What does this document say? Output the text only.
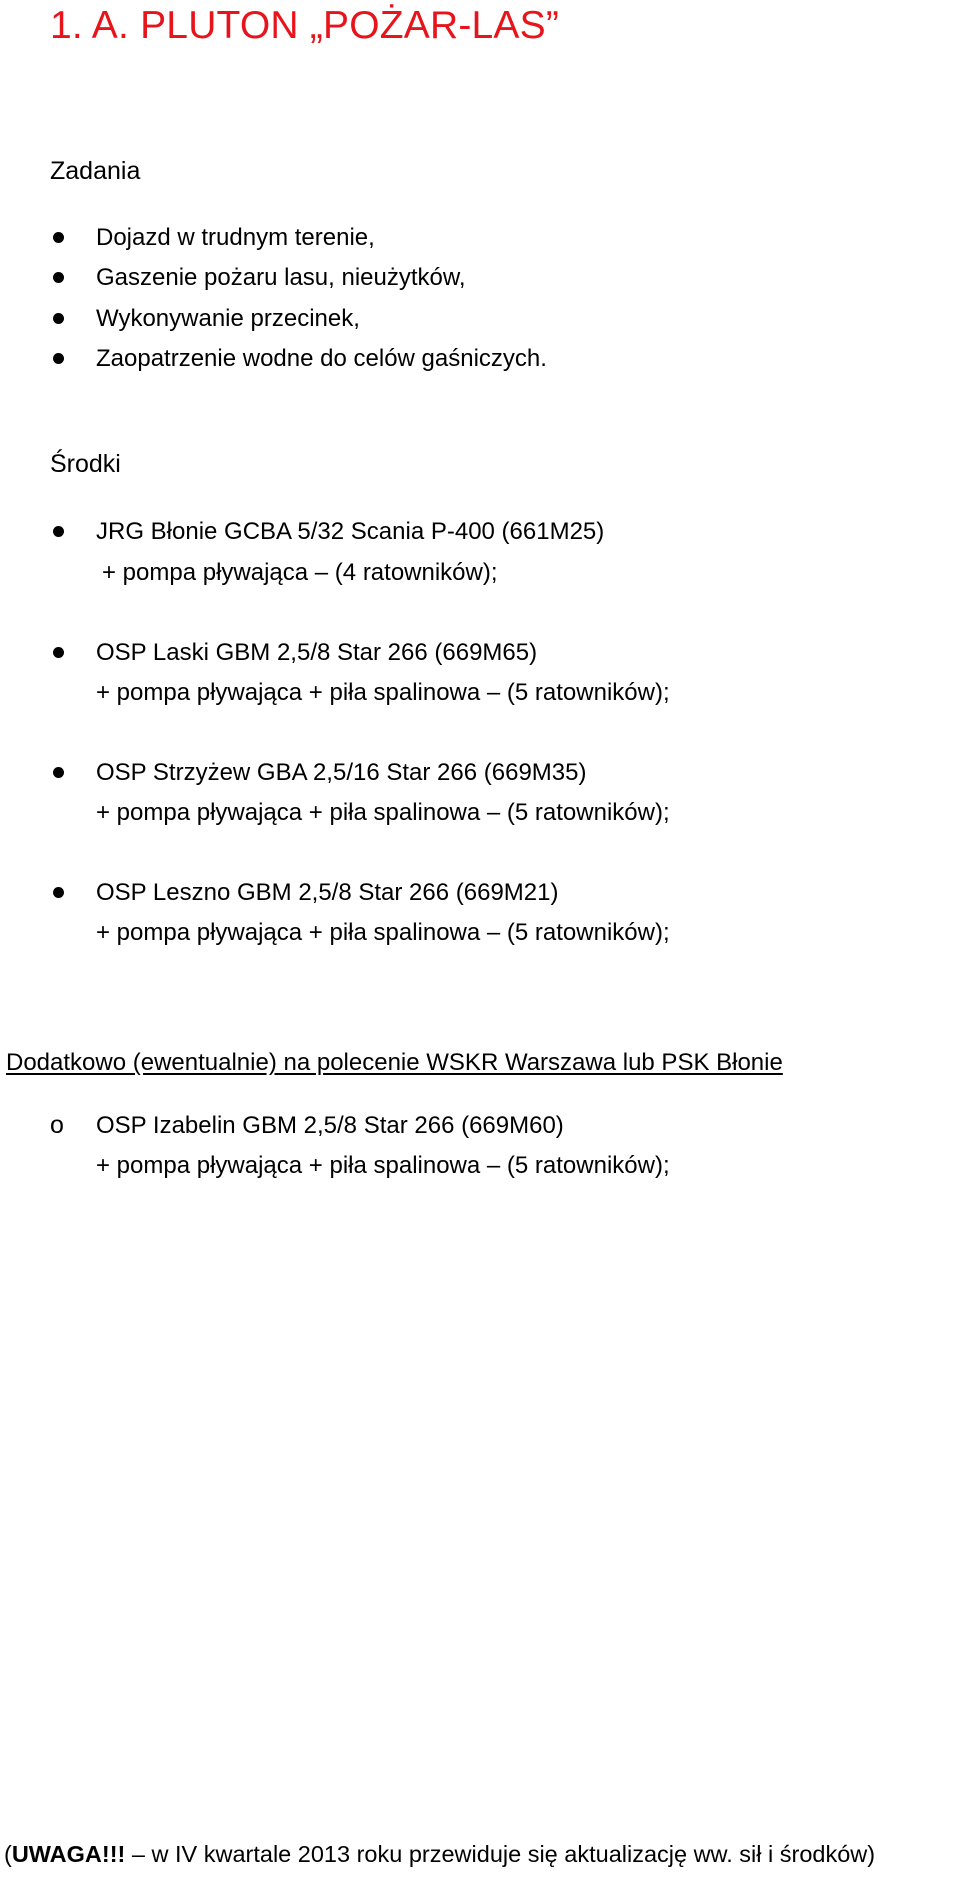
1. A. PLUTON „POŻAR-LAS”
Zadania

Dojazd w trudnym terenie,

Gaszenie pożaru lasu, nieużytków,

Wykonywanie przecinek,

Zaopatrzenie wodne do celów gaśniczych.

Środki

JRG Błonie GCBA 5/32 Scania P-400 (661M25)

+ pompa pływająca – (4 ratowników);

OSP Laski GBM 2,5/8 Star 266 (669M65)

+ pompa pływająca + piła spalinowa – (5 ratowników);

OSP Strzyżew GBA 2,5/16 Star 266 (669M35)

+ pompa pływająca + piła spalinowa – (5 ratowników);

OSP Leszno GBM 2,5/8 Star 266 (669M21)

+ pompa pływająca + piła spalinowa – (5 ratowników);

Dodatkowo (ewentualnie) na polecenie WSKR Warszawa lub PSK Błonie
o OSP Izabelin GBM 2,5/8 Star 266 (669M60)

+ pompa pływająca + piła spalinowa – (5 ratowników);

(UWAGA!!! – w IV kwartale 2013 roku przewiduje się aktualizację ww. sił i środków)
